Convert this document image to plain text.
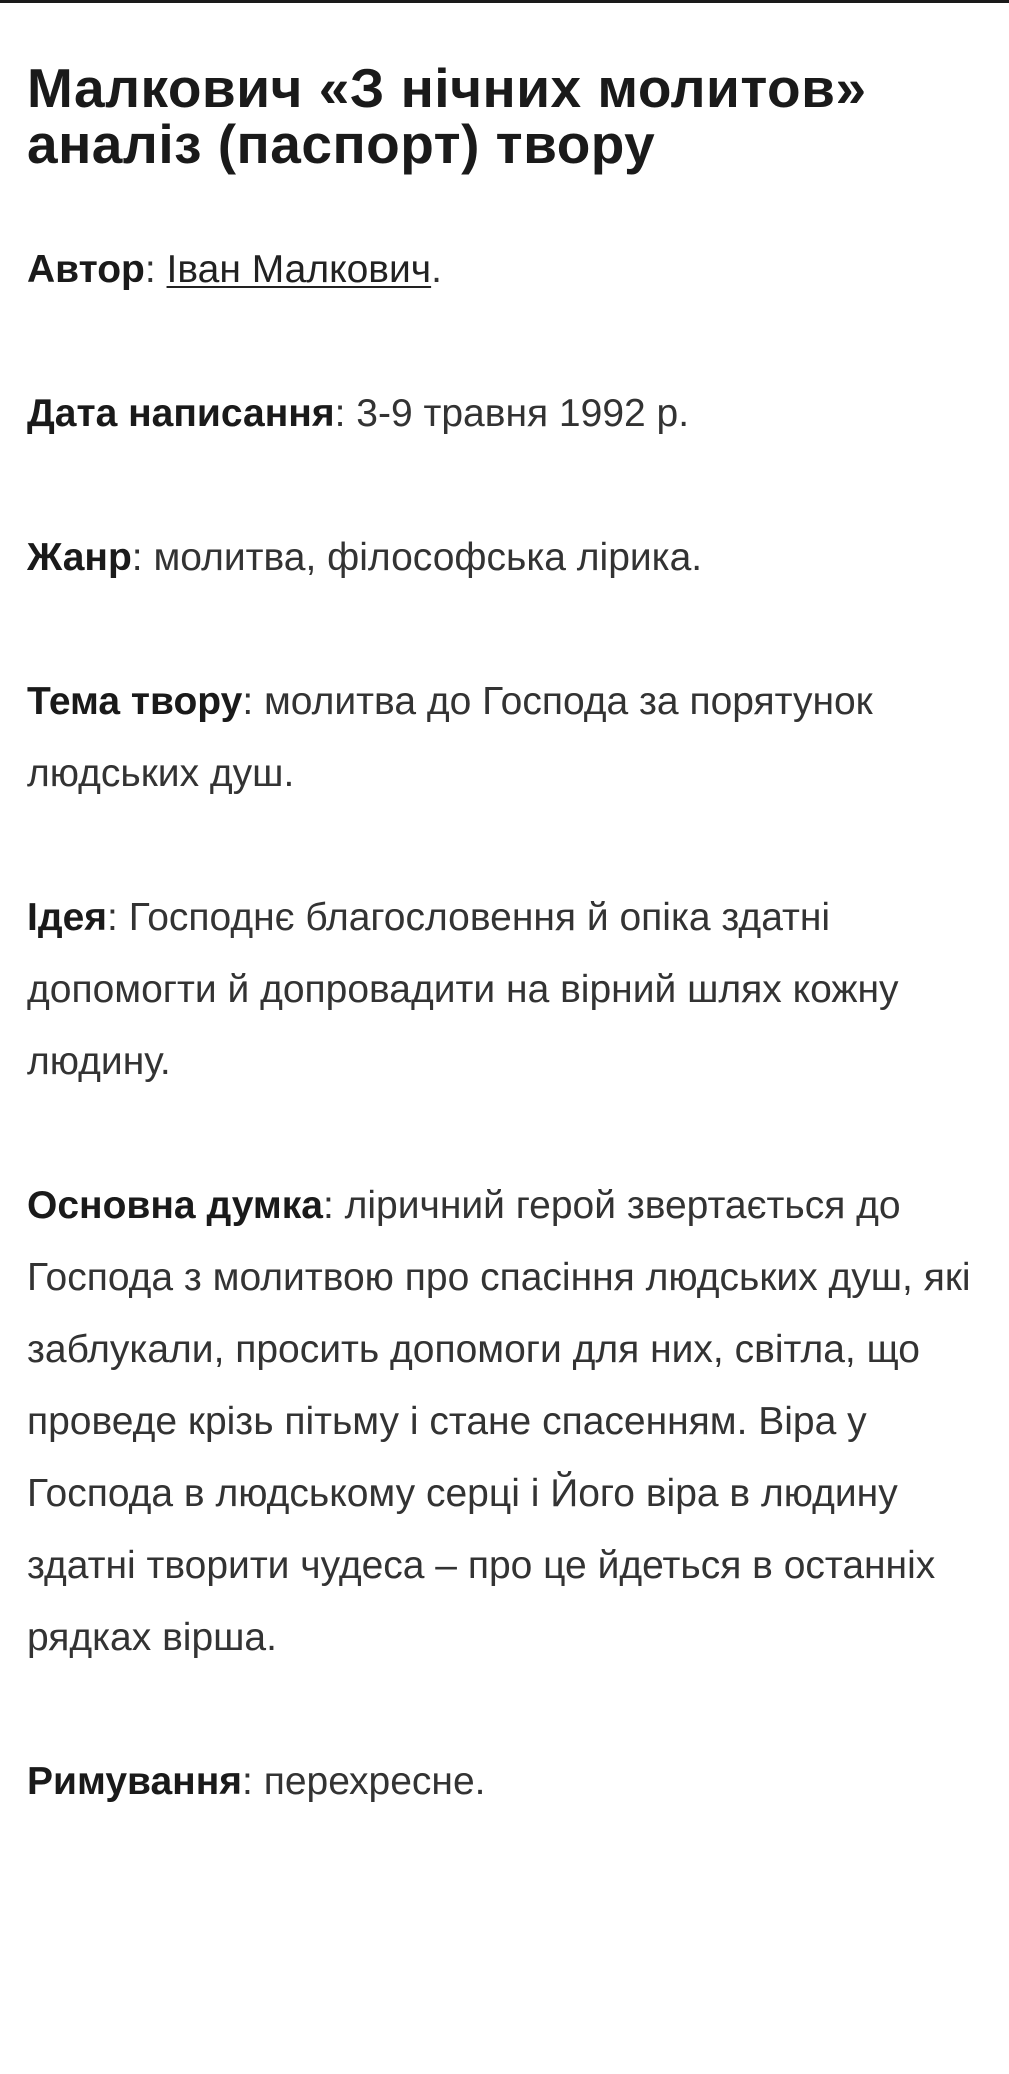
Малкович «З нічних молитов» аналіз (паспорт) твору

Автор: Іван Малкович.

Дата написання: 3-9 травня 1992 р.

Жанр: молитва, філософська лірика.

Тема твору: молитва до Господа за порятунок людських душ.

Ідея: Господнє благословення й опіка здатні допомогти й допровадити на вірний шлях кожну людину.

Основна думка: ліричний герой звертається до Господа з молитвою про спасіння людських душ, які заблукали, просить допомоги для них, світла, що проведе крізь пітьму і стане спасенням. Віра у Господа в людському серці і Його віра в людину здатні творити чудеса – про це йдеться в останніх рядках вірша.

Римування: перехресне.
